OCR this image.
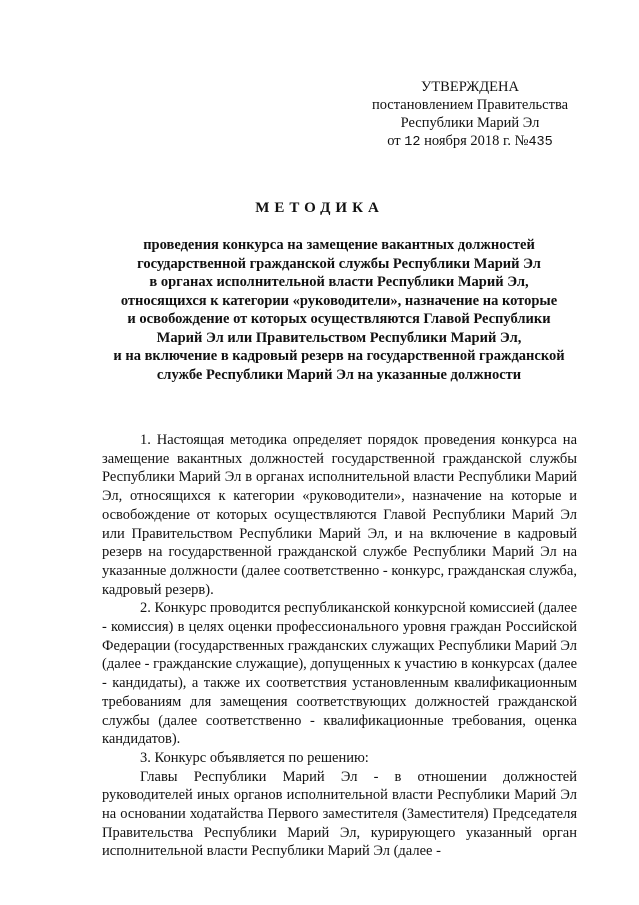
УТВЕРЖДЕНА
постановлением Правительства
Республики Марий Эл
от 12 ноября 2018 г. №435
МЕТОДИКА
проведения конкурса на замещение вакантных должностей
государственной гражданской службы Республики Марий Эл
в органах исполнительной власти Республики Марий Эл,
относящихся к категории «руководители», назначение на которые
и освобождение от которых осуществляются Главой Республики
Марий Эл или Правительством Республики Марий Эл,
и на включение в кадровый резерв на государственной гражданской
службе Республики Марий Эл на указанные должности

1. Настоящая методика определяет порядок проведения конкурса на замещение вакантных должностей государственной гражданской службы Республики Марий Эл в органах исполнительной власти Республики Марий Эл, относящихся к категории «руководители», назначение на которые и освобождение от которых осуществляются Главой Республики Марий Эл или Правительством Республики Марий Эл, и на включение в кадровый резерв на государственной гражданской службе Республики Марий Эл на указанные должности (далее соответственно - конкурс, гражданская служба, кадровый резерв).

2. Конкурс проводится республиканской конкурсной комиссией (далее - комиссия) в целях оценки профессионального уровня граждан Российской Федерации (государственных гражданских служащих Республики Марий Эл (далее - гражданские служащие), допущенных к участию в конкурсах (далее - кандидаты), а также их соответствия установленным квалификационным требованиям для замещения соответствующих должностей гражданской службы (далее соответственно - квалификационные требования, оценка кандидатов).

3. Конкурс объявляется по решению:

Главы Республики Марий Эл - в отношении должностей руководителей иных органов исполнительной власти Республики Марий Эл на основании ходатайства Первого заместителя (Заместителя) Председателя Правительства Республики Марий Эл, курирующего указанный орган исполнительной власти Республики Марий Эл (далее -
